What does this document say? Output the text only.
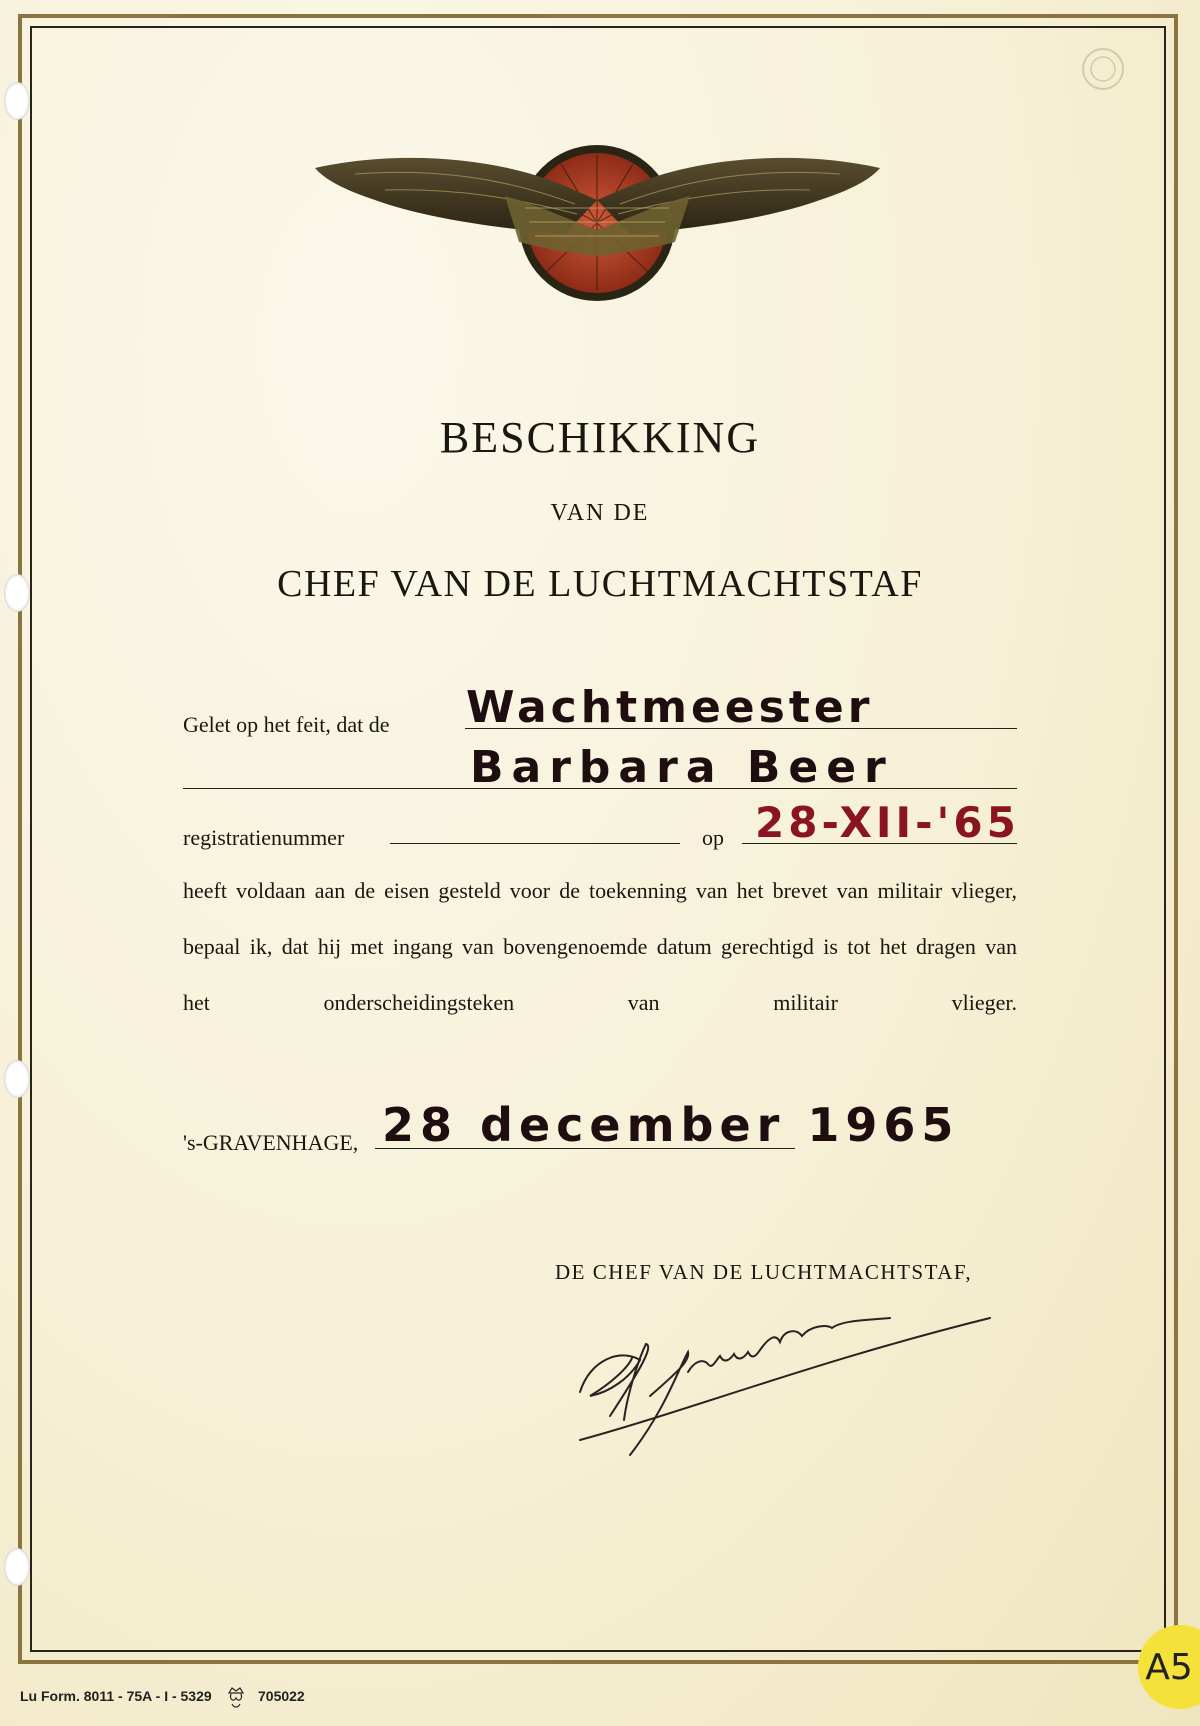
BESCHIKKING
VAN DE
CHEF VAN DE LUCHTMACHTSTAF
Gelet op het feit, dat de Wachtmeester
Barbara Beer
registratienummer	op 28-XII-'65
heeft voldaan aan de eisen gesteld voor de toekenning van het brevet van militair vlieger, bepaal ik, dat hij met ingang van bovengenoemde datum gerechtigd is tot het dragen van het onderscheidingsteken van militair vlieger.
's-GRAVENHAGE, 28 december 1965
DE CHEF VAN DE LUCHTMACHTSTAF,
Lu Form. 8011 - 75A - I - 5329	705022
A5
